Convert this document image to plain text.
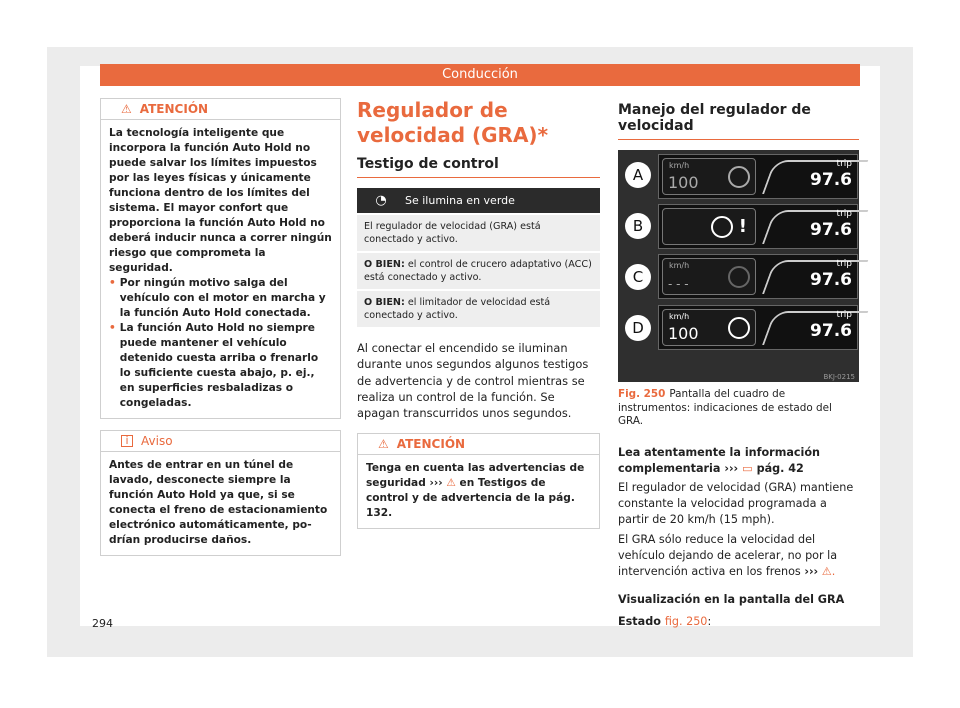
Conducción
⚠ ATENCIÓN

La tecnología inteligente que incorpora la función Auto Hold no puede salvar los límites impuestos por las leyes físicas y únicamente funciona dentro de los límites del sistema. El mayor confort que proporciona la función Auto Hold no deberá inducir nunca a correr ningún riesgo que comprometa la seguridad.

• Por ningún motivo salga del vehículo con el motor en marcha y la función Auto Hold conectada.
• La función Auto Hold no siempre puede mantener el vehículo detenido cuesta arriba o frenarlo lo suficiente cuesta abajo, p. ej., en superficies resbaladizas o congeladas.
i	Aviso

Antes de entrar en un túnel de lavado, desconecte siempre la función Auto Hold ya que, si se conecta el freno de estacionamiento electrónico automáticamente, podrían producirse daños.

Regulador de velocidad (GRA)*
Testigo de control
◔	Se ilumina en verde
El regulador de velocidad (GRA) está conectado y activo.
O BIEN: el control de crucero adaptativo (ACC) está conectado y activo.
O BIEN: el limitador de velocidad está conectado y activo.

Al conectar el encendido se iluminan durante unos segundos algunos testigos de advertencia y de control mientras se realiza un control de la función. Se apagan transcurridos unos segundos.

⚠ ATENCIÓN
Tenga en cuenta las advertencias de seguridad ››› ⚠ en Testigos de control y de advertencia de la pág. 132.
Manejo del regulador de velocidad
A
km/h
100
trip
97.6
B	!
trip
97.6
C
km/h
- - -
trip
97.6
D
km/h
100
trip
97.6
BKJ-0215

Fig. 250 Pantalla del cuadro de instrumentos: indicaciones de estado del GRA.

Lea atentamente la información complementaria ››› ▭ pág. 42

El regulador de velocidad (GRA) mantiene constante la velocidad programada a partir de 20 km/h (15 mph).

El GRA sólo reduce la velocidad del vehículo dejando de acelerar, no por la intervención activa en los frenos ››› ⚠.

Visualización en la pantalla del GRA

Estado fig. 250:

294
